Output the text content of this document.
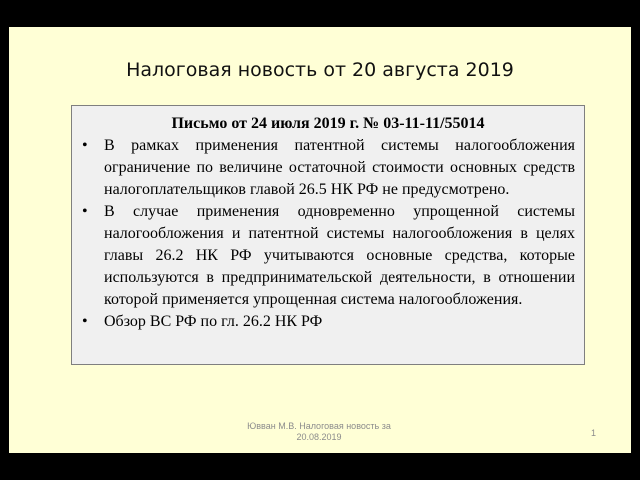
Налоговая новость от 20 августа 2019
Письмо от 24 июля 2019 г. № 03-11-11/55014
• В рамках применения патентной системы налогообложения ограничение по величине остаточной стоимости основных средств налогоплательщиков главой 26.5 НК РФ не предусмотрено.
• В случае применения одновременно упрощенной системы налогообложения и патентной системы налогообложения в целях главы 26.2 НК РФ учитываются основные средства, которые используются в предпринимательской деятельности, в отношении которой применяется упрощенная система налогообложения.
• Обзор ВС РФ по гл. 26.2 НК РФ
Ювван М.В. Налоговая новость за 20.08.2019	1
